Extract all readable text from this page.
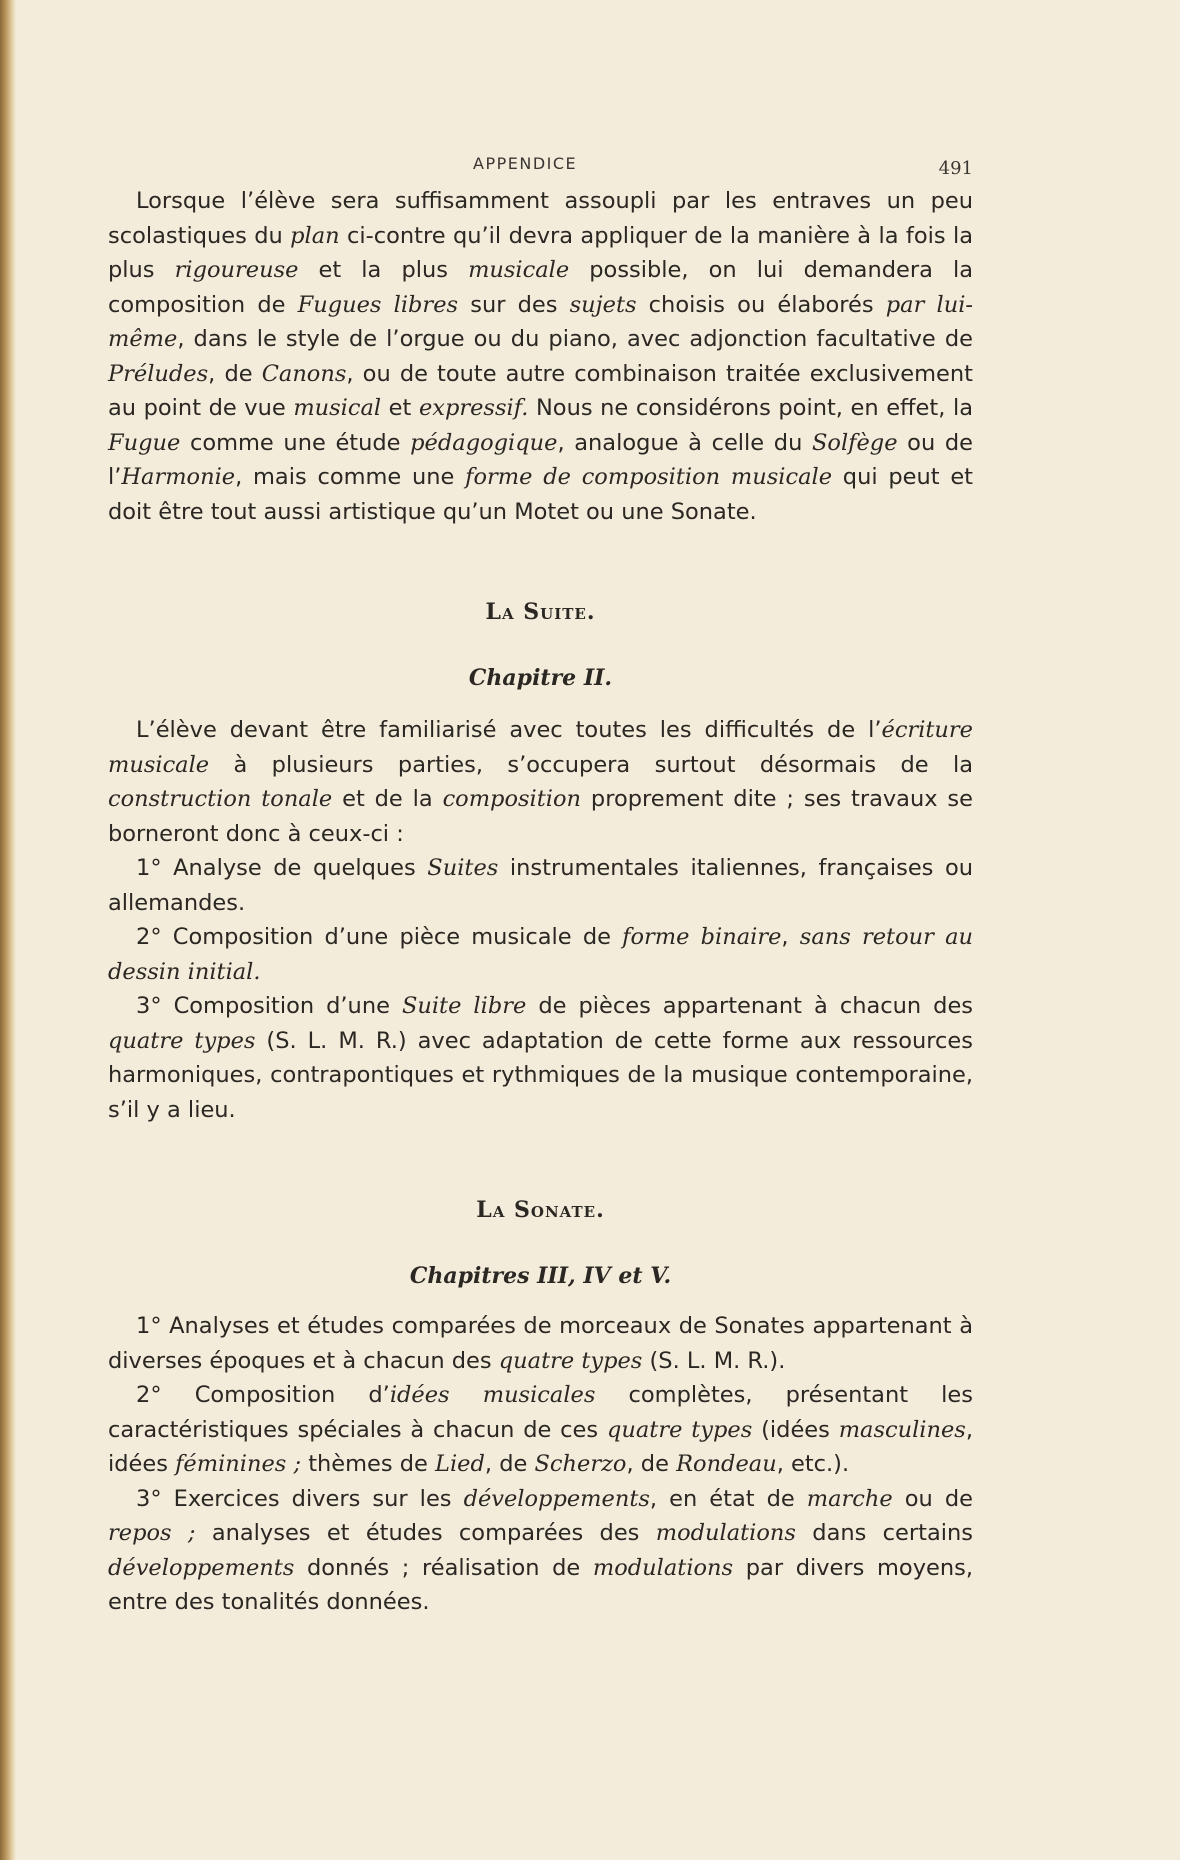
APPENDICE	491

Lorsque l’élève sera suffisamment assoupli par les entraves un peu scolastiques du plan ci-contre qu’il devra appliquer de la manière à la fois la plus rigoureuse et la plus musicale possible, on lui demandera la composition de Fugues libres sur des sujets choisis ou élaborés par lui-même, dans le style de l’orgue ou du piano, avec adjonction facultative de Préludes, de Canons, ou de toute autre combinaison traitée exclusivement au point de vue musical et expressif. Nous ne considérons point, en effet, la Fugue comme une étude pédagogique, analogue à celle du Solfège ou de l’Harmonie, mais comme une forme de composition musicale qui peut et doit être tout aussi artistique qu’un Motet ou une Sonate.

La Suite.
Chapitre II.

L’élève devant être familiarisé avec toutes les difficultés de l’écriture musicale à plusieurs parties, s’occupera surtout désormais de la construction tonale et de la composition proprement dite ; ses travaux se borneront donc à ceux-ci :

1° Analyse de quelques Suites instrumentales italiennes, françaises ou allemandes.

2° Composition d’une pièce musicale de forme binaire, sans retour au dessin initial.

3° Composition d’une Suite libre de pièces appartenant à chacun des quatre types (S. L. M. R.) avec adaptation de cette forme aux ressources harmoniques, contrapontiques et rythmiques de la musique contemporaine, s’il y a lieu.

La Sonate.
Chapitres III, IV et V.

1° Analyses et études comparées de morceaux de Sonates appartenant à diverses époques et à chacun des quatre types (S. L. M. R.).

2° Composition d’idées musicales complètes, présentant les caractéristiques spéciales à chacun de ces quatre types (idées masculines, idées féminines ; thèmes de Lied, de Scherzo, de Rondeau, etc.).

3° Exercices divers sur les développements, en état de marche ou de repos ; analyses et études comparées des modulations dans certains développements donnés ; réalisation de modulations par divers moyens, entre des tonalités données.
